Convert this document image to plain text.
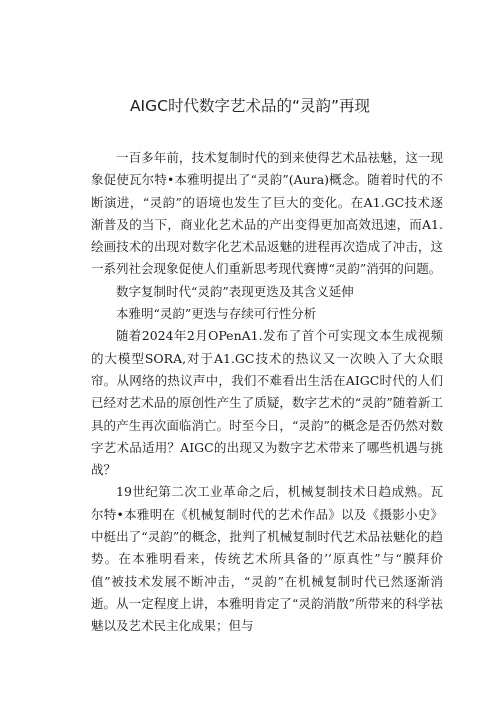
AIGC时代数字艺术品的“灵韵”再现

一百多年前，技术复制时代的到来使得艺术品祛魅，这一现象促使瓦尔特•本雅明提出了“灵韵”(Aura)概念。随着时代的不断演进，“灵韵”的语境也发生了巨大的变化。在A1.GC技术逐渐普及的当下，商业化艺术品的产出变得更加高效迅速，而A1.绘画技术的出现对数字化艺术品返魅的进程再次造成了冲击，这一系列社会现象促使人们重新思考现代赛博“灵韵”消弭的问题。

数字复制时代“灵韵”表现更迭及其含义延伸

本雅明“灵韵”更迭与存续可行性分析

随着2024年2月OPenA1.发布了首个可实现文本生成视频的大模型SORA,对于A1.GC技术的热议又一次映入了大众眼帘。从网络的热议声中，我们不难看出生活在AIGC时代的人们已经对艺术品的原创性产生了质疑，数字艺术的“灵韵”随着新工具的产生再次面临消亡。时至今日，“灵韵”的概念是否仍然对数字艺术品适用？AIGC的出现又为数字艺术带来了哪些机遇与挑战？

19世纪第二次工业革命之后，机械复制技术日趋成熟。瓦尔特•本雅明在《机械复制时代的艺术作品》以及《摄影小史》中梃出了“灵韵”的概念，批判了机械复制时代艺术品祛魅化的趋势。在本雅明看来，传统艺术所具备的’’原真性”与“膜拜价值”被技术发展不断冲击，“灵韵”在机械复制时代已然逐渐消逝。从一定程度上讲，本雅明肯定了“灵韵消散”所带来的科学祛魅以及艺术民主化成果；但与
